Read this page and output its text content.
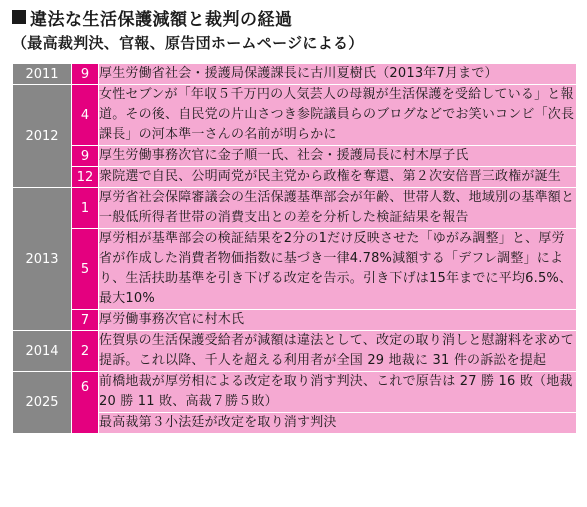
違法な生活保護減額と裁判の経過
（最高裁判決、官報、原告団ホームページによる）
2011	9	厚生労働省社会・援護局保護課長に古川夏樹氏（2013年7月まで）
2012	4	女性セブンが「年収５千万円の人気芸人の母親が生活保護を受給している」と報道。その後、自民党の片山さつき参院議員らのブログなどでお笑いコンビ「次長課長」の河本準一さんの名前が明らかに
	9	厚生労働事務次官に金子順一氏、社会・援護局長に村木厚子氏
	12	衆院選で自民、公明両党が民主党から政権を奪還、第２次安倍晋三政権が誕生
2013	1	厚労省社会保障審議会の生活保護基準部会が年齢、世帯人数、地域別の基準額と一般低所得者世帯の消費支出との差を分析した検証結果を報告
	5	厚労相が基準部会の検証結果を2分の1だけ反映させた「ゆがみ調整」と、厚労省が作成した消費者物価指数に基づき一律4.78%減額する「デフレ調整」により、生活扶助基準を引き下げる改定を告示。引き下げは15年までに平均6.5%、最大10%
	7	厚労働事務次官に村木氏
2014	2	佐賀県の生活保護受給者が減額は違法として、改定の取り消しと慰謝料を求めて提訴。これ以降、千人を超える利用者が全国 29 地裁に 31 件の訴訟を提起
2025	6	前橋地裁が厚労相による改定を取り消す判決、これで原告は 27 勝 16 敗（地裁 20 勝 11 敗、高裁７勝５敗）
		最高裁第３小法廷が改定を取り消す判決
